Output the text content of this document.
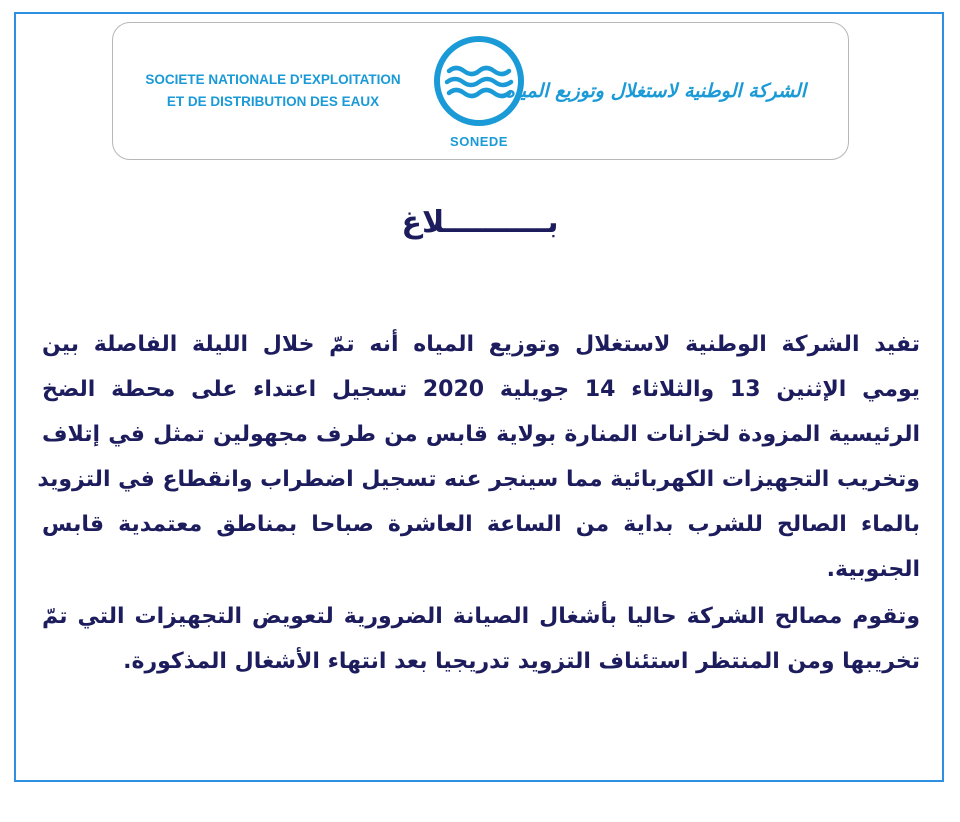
SOCIETE NATIONALE D'EXPLOITATION
ET DE DISTRIBUTION DES EAUX
SONEDE
الشركة الوطنية لاستغلال وتوزيع المياه
بــــــــــلاغ

تفيد الشركة الوطنية لاستغلال وتوزيع المياه أنه تمّ خلال الليلة الفاصلة بين
يومي الإثنين 13 والثلاثاء 14 جويلية 2020 تسجيل اعتداء على محطة الضخ
الرئيسية المزودة لخزانات المنارة بولاية قابس من طرف مجهولين تمثل في إتلاف
وتخريب التجهيزات الكهربائية مما سينجر عنه تسجيل اضطراب وانقطاع في التزويد
بالماء الصالح للشرب بداية من الساعة العاشرة صباحا بمناطق معتمدية قابس
الجنوبية.

وتقوم مصالح الشركة حاليا بأشغال الصيانة الضرورية لتعويض التجهيزات التي تمّ
تخريبها ومن المنتظر استئناف التزويد تدريجيا بعد انتهاء الأشغال المذكورة.
